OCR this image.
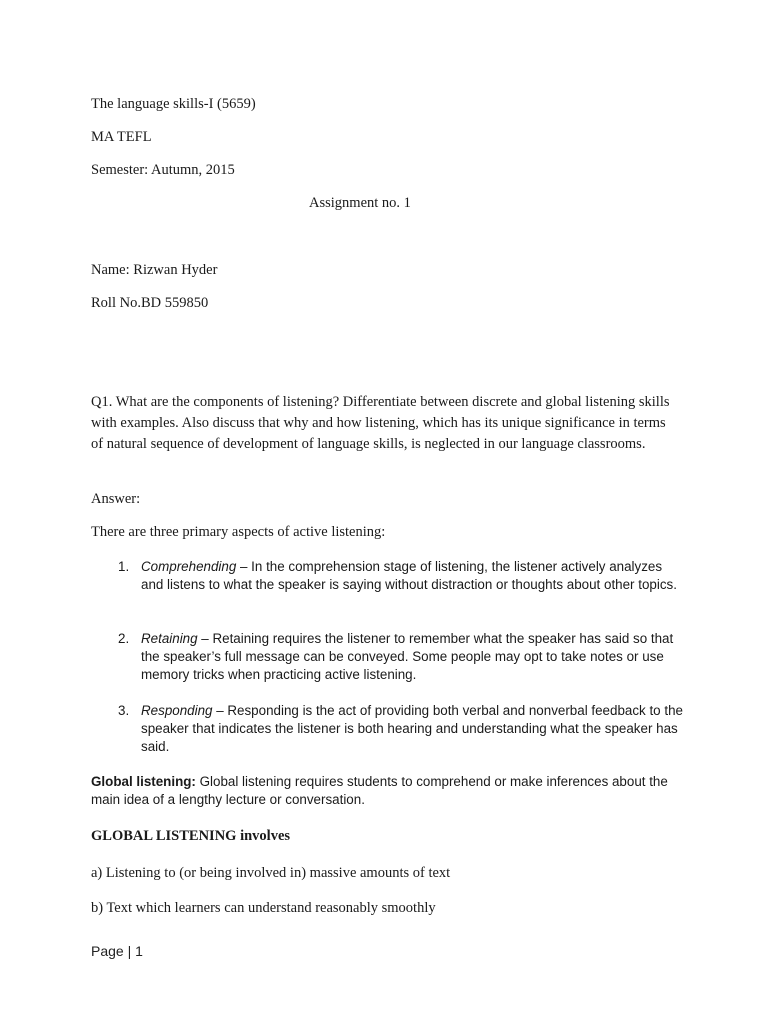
The language skills-I (5659)
MA TEFL
Semester: Autumn, 2015
Assignment no. 1
Name: Rizwan Hyder
Roll No.BD 559850
Q1. What are the components of listening? Differentiate between discrete and global listening skills with examples. Also discuss that why and how listening, which has its unique significance in terms of natural sequence of development of language skills, is neglected in our language classrooms.
Answer:
There are three primary aspects of active listening:
1. Comprehending – In the comprehension stage of listening, the listener actively analyzes and listens to what the speaker is saying without distraction or thoughts about other topics.
2. Retaining – Retaining requires the listener to remember what the speaker has said so that the speaker’s full message can be conveyed. Some people may opt to take notes or use memory tricks when practicing active listening.
3. Responding – Responding is the act of providing both verbal and nonverbal feedback to the speaker that indicates the listener is both hearing and understanding what the speaker has said.
Global listening: Global listening requires students to comprehend or make inferences about the main idea of a lengthy lecture or conversation.
GLOBAL LISTENING involves
a) Listening to (or being involved in) massive amounts of text
b) Text which learners can understand reasonably smoothly
Page | 1
